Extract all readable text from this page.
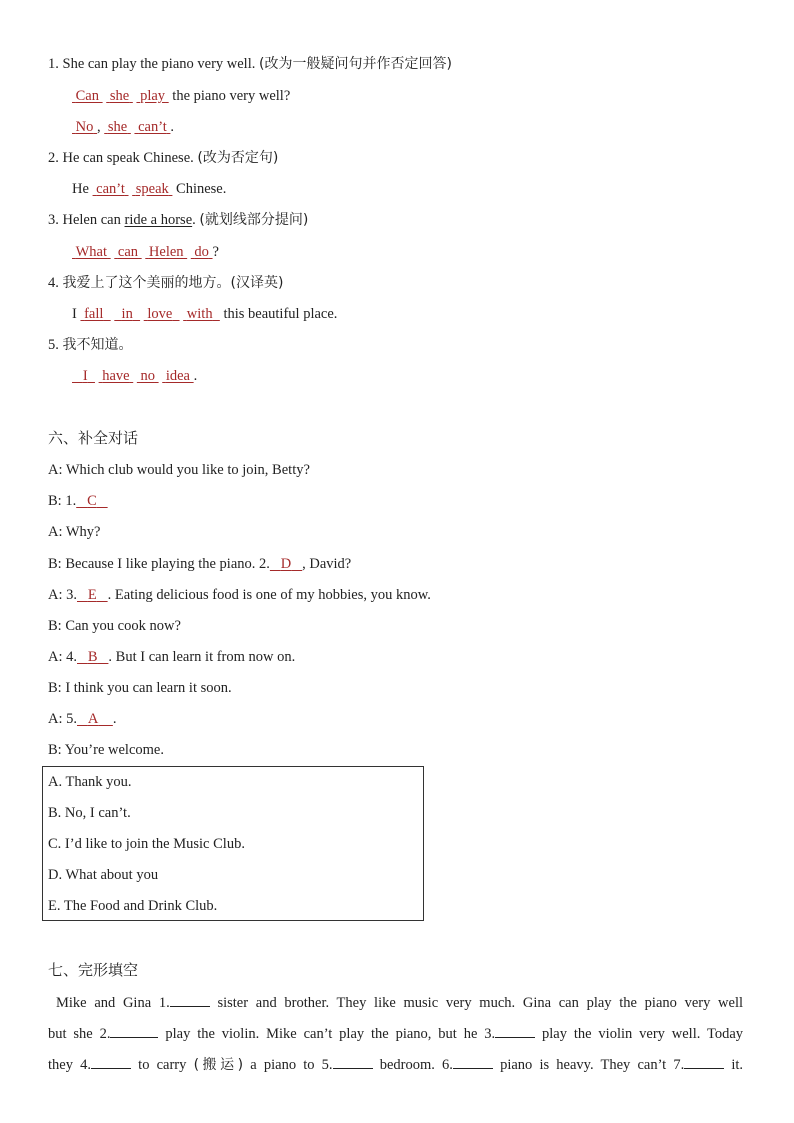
1. She can play the piano very well. (改为一般疑问句并作否定回答)
Can she play the piano very well?
No ,  she can’t .
2. He can speak Chinese. (改为否定句)
He can’t speak Chinese.
3. Helen can ride a horse. (就划线部分提问)
What can Helen do ?
4. 我爱上了这个美丽的地方。(汉译英)
I fall in love with this beautiful place.
5. 我不知道。
I have no idea .
六、补全对话
A: Which club would you like to join, Betty?
B: 1. C
A: Why?
B: Because I like playing the piano. 2. D , David?
A: 3. E . Eating delicious food is one of my hobbies, you know.
B: Can you cook now?
A: 4. B . But I can learn it from now on.
B: I think you can learn it soon.
A: 5. A .
B: You’re welcome.
A. Thank you.
B. No, I can’t.
C. I’d like to join the Music Club.
D. What about you
E. The Food and Drink Club.
七、完形填空
Mike and Gina 1.	sister and brother. They like music very much. Gina can play the piano very well
but she 2.	play the violin. Mike can’t play the piano, but he 3.	play the violin very well. Today
they 4.	to carry (搬运) a piano to 5.	bedroom. 6.	piano is heavy. They can’t 7.	it.
